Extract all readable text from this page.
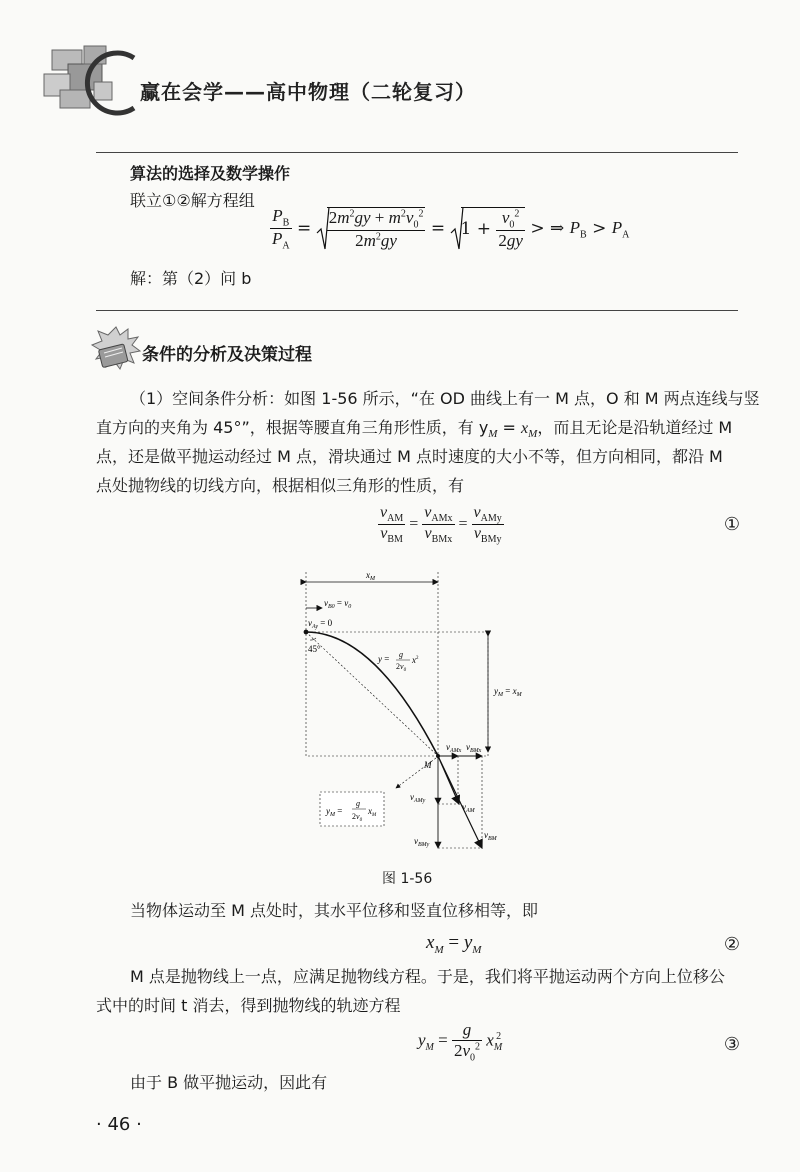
赢在会学——高中物理（二轮复习）
算法的选择及数学操作
联立①②解方程组
$\frac{P_B}{P_A} = \frac{2m^2gy + m^2v_0^2}{2m^2gy} = 1 + \frac{v_0^2}{2gy}$ > ⇒ $P_B > P_A$
解：第（2）问 b
条件的分析及决策过程
（1）空间条件分析：如图 1-56 所示，“在 OD 曲线上有一 M 点，O 和 M 两点连线与竖
直方向的夹角为 45°”，根据等腰直角三角形性质，有 $y_M = x_M$，而且无论是沿轨道经过 M
点，还是做平抛运动经过 M 点，滑块通过 M 点时速度的大小不等，但方向相同，都沿 M
点处抛物线的切线方向，根据相似三角形的性质，有
$\frac{v_{AM}}{v_{BM}} = \frac{v_{AMx}}{v_{BMx}} = \frac{v_{AMy}}{v_{BMy}}$	①
$x_M$
$v_{B0} = v_0$
$v_{Ay} = 0$
45°
y = g
$2v_0$
$x^2$
$y_M = x_M$
M
$v_{AMx}$ $v_{BMx}$
$v_{AMy}$
$v_{BMy}$
$v_{AM}$
$v_{BM}$
$y_M$ =
g
$2v_0$
$x_M$
图 1-56
当物体运动至 M 点处时，其水平位移和竖直位移相等，即
$x_M = y_M$	②
M 点是抛物线上一点，应满足抛物线方程。于是，我们将平抛运动两个方向上位移公
式中的时间 t 消去，得到抛物线的轨迹方程
$y_M = \frac{g}{2v_0^2} x_M^2$	③
由于 B 做平抛运动，因此有
· 46 ·
